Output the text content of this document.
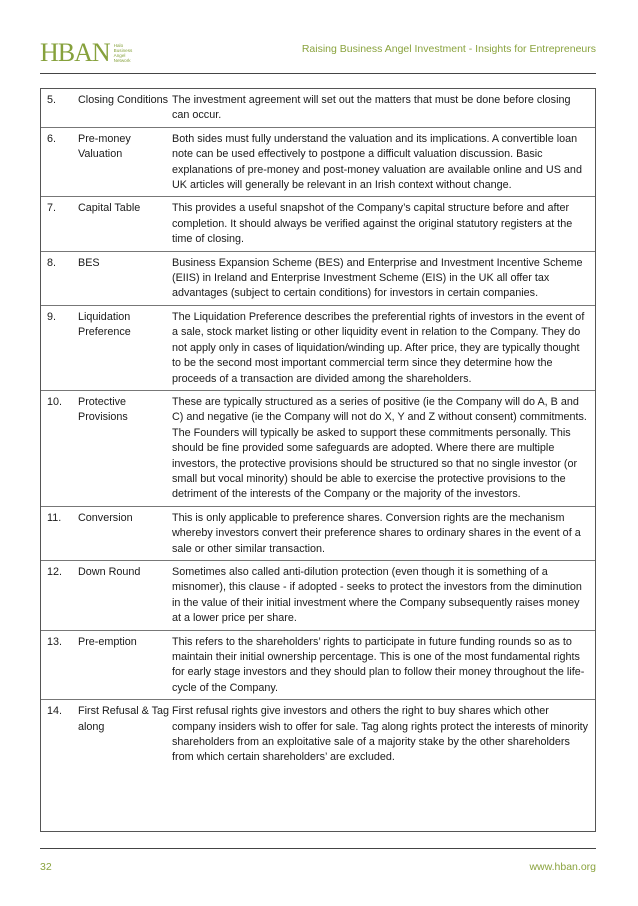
HBAN Halo
Business
Angel
Network
Raising Business Angel Investment - Insights for Entrepreneurs
5.	Closing Conditions	The investment agreement will set out the matters that must be done before closing can occur.
6.	Pre-money Valuation	Both sides must fully understand the valuation and its implications. A convertible loan note can be used effectively to postpone a difficult valuation discussion. Basic explanations of pre-money and post-money valuation are available online and US and UK articles will generally be relevant in an Irish context without change.
7.	Capital Table	This provides a useful snapshot of the Company’s capital structure before and after completion. It should always be verified against the original statutory registers at the time of closing.
8.	BES	Business Expansion Scheme (BES) and Enterprise and Investment Incentive Scheme (EIIS) in Ireland and Enterprise Investment Scheme (EIS) in the UK all offer tax advantages (subject to certain conditions) for investors in certain companies.
9.	Liquidation Preference	The Liquidation Preference describes the preferential rights of investors in the event of a sale, stock market listing or other liquidity event in relation to the Company. They do not apply only in cases of liquidation/winding up. After price, they are typically thought to be the second most important commercial term since they determine how the proceeds of a transaction are divided among the shareholders.
10.	Protective Provisions	These are typically structured as a series of positive (ie the Company will do A, B and C) and negative (ie the Company will not do X, Y and Z without consent) commitments. The Founders will typically be asked to support these commitments personally. This should be fine provided some safeguards are adopted. Where there are multiple investors, the protective provisions should be structured so that no single investor (or small but vocal minority) should be able to exercise the protective provisions to the detriment of the interests of the Company or the majority of the investors.
11.	Conversion	This is only applicable to preference shares. Conversion rights are the mechanism whereby investors convert their preference shares to ordinary shares in the event of a sale or other similar transaction.
12.	Down Round	Sometimes also called anti-dilution protection (even though it is something of a misnomer), this clause - if adopted - seeks to protect the investors from the diminution in the value of their initial investment where the Company subsequently raises money at a lower price per share.
13.	Pre-emption	This refers to the shareholders’ rights to participate in future funding rounds so as to maintain their initial ownership percentage. This is one of the most fundamental rights for early stage investors and they should plan to follow their money throughout the life-cycle of the Company.
14.	First Refusal & Tag along	First refusal rights give investors and others the right to buy shares which other company insiders wish to offer for sale. Tag along rights protect the interests of minority shareholders from an exploitative sale of a majority stake by the other shareholders from which certain shareholders’ are excluded.
32	www.hban.org
